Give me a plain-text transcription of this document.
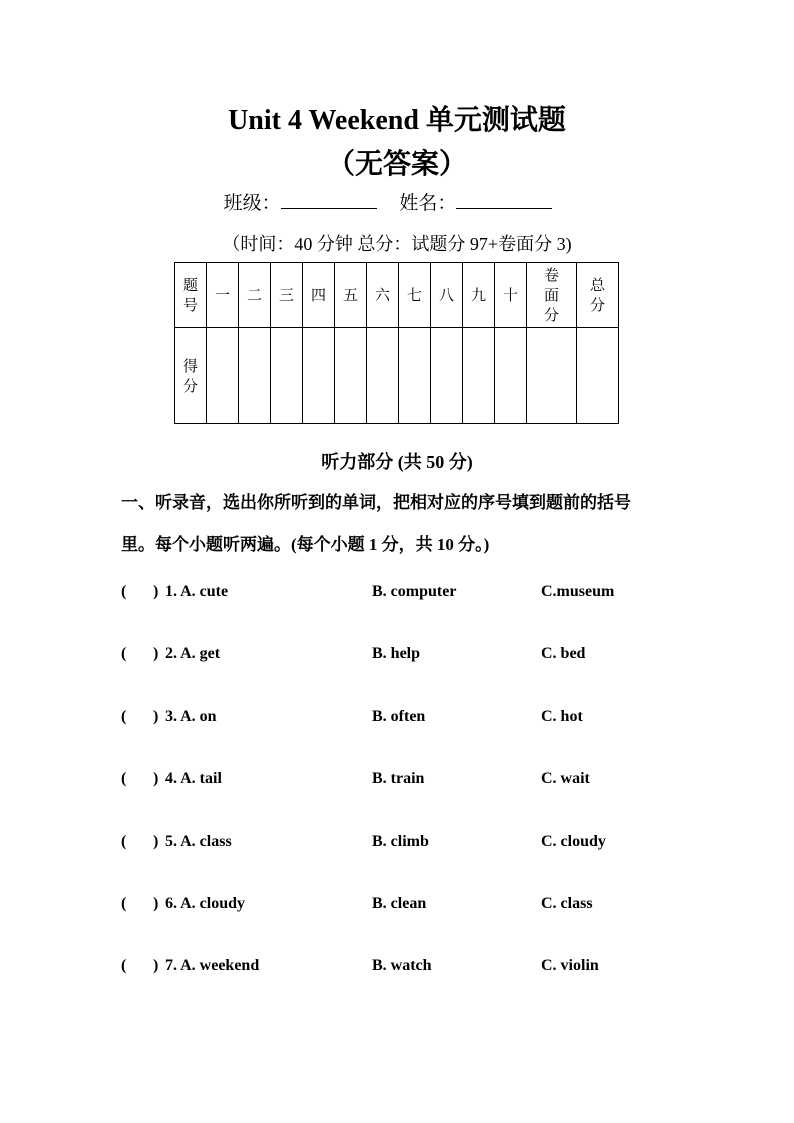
Unit 4 Weekend 单元测试题
（无答案）
班级：	姓名：
（时间：40 分钟 总分：试题分 97+卷面分 3)
题号	一	二	三	四	五	六	七	八	九	十	卷面分	总分
得分												
听力部分 (共 50 分)
一、听录音，选出你所听到的单词，把相对应的序号填到题前的括号
里。每个小题听两遍。(每个小题 1 分，共 10 分。)
( ) 1. A. cute	B. computer	C.museum
( ) 2. A. get	B. help	C. bed
( ) 3. A. on	B. often	C. hot
( ) 4. A. tail	B. train	C. wait
( ) 5. A. class	B. climb	C. cloudy
( ) 6. A. cloudy	B. clean	C. class
( ) 7. A. weekend	B. watch	C. violin
